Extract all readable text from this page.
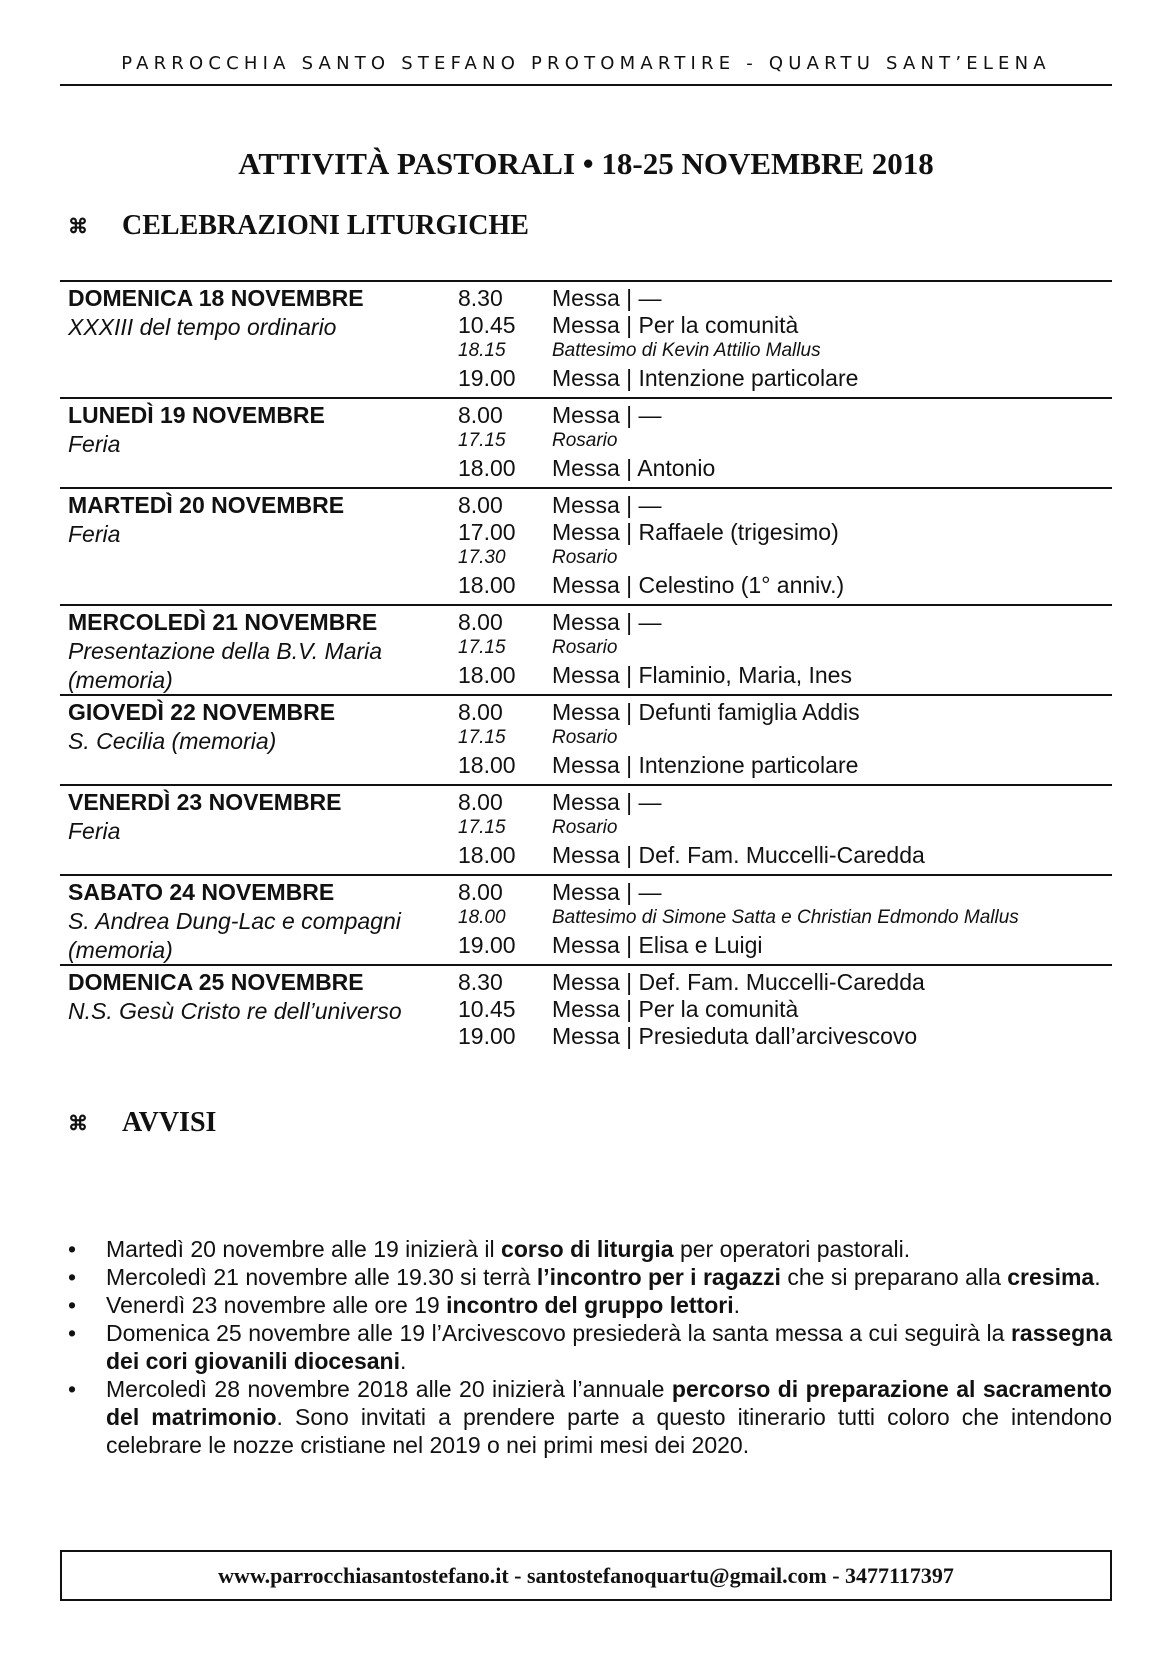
PARROCCHIA SANTO STEFANO PROTOMARTIRE - QUARTU SANT’ELENA
ATTIVITÀ PASTORALI • 18-25 NOVEMBRE 2018
⌘ CELEBRAZIONI LITURGICHE
DOMENICA 18 NOVEMBRE
XXXIII del tempo ordinario
8.30	Messa | —
10.45	Messa | Per la comunità
18.15	Battesimo di Kevin Attilio Mallus
19.00	Messa | Intenzione particolare
LUNEDÌ 19 NOVEMBRE
Feria
8.00	Messa | —
17.15	Rosario
18.00	Messa | Antonio
MARTEDÌ 20 NOVEMBRE
Feria
8.00	Messa | —
17.00	Messa | Raffaele (trigesimo)
17.30	Rosario
18.00	Messa | Celestino (1° anniv.)
MERCOLEDÌ 21 NOVEMBRE
Presentazione della B.V. Maria (memoria)
8.00	Messa | —
17.15	Rosario
18.00	Messa | Flaminio, Maria, Ines
GIOVEDÌ 22 NOVEMBRE
S. Cecilia (memoria)
8.00	Messa | Defunti famiglia Addis
17.15	Rosario
18.00	Messa | Intenzione particolare
VENERDÌ 23 NOVEMBRE
Feria
8.00	Messa | —
17.15	Rosario
18.00	Messa | Def. Fam. Muccelli-Caredda
SABATO 24 NOVEMBRE
S. Andrea Dung-Lac e compagni (memoria)
8.00	Messa | —
18.00	Battesimo di Simone Satta e Christian Edmondo Mallus
19.00	Messa | Elisa e Luigi
DOMENICA 25 NOVEMBRE
N.S. Gesù Cristo re dell’universo
8.30	Messa | Def. Fam. Muccelli-Caredda
10.45	Messa | Per la comunità
19.00	Messa | Presieduta dall’arcivescovo
⌘ AVVISI
• Martedì 20 novembre alle 19 inizierà il corso di liturgia per operatori pastorali.
• Mercoledì 21 novembre alle 19.30 si terrà l’incontro per i ragazzi che si preparano alla cresima.
• Venerdì 23 novembre alle ore 19 incontro del gruppo lettori.
• Domenica 25 novembre alle 19 l’Arcivescovo presiederà la santa messa a cui seguirà la rassegna dei cori giovanili diocesani.
• Mercoledì 28 novembre 2018 alle 20 inizierà l’annuale percorso di preparazione al sacramento del matrimonio. Sono invitati a prendere parte a questo itinerario tutti coloro che intendono celebrare le nozze cristiane nel 2019 o nei primi mesi dei 2020.
www.parrocchiasantostefano.it - santostefanoquartu@gmail.com - 3477117397
